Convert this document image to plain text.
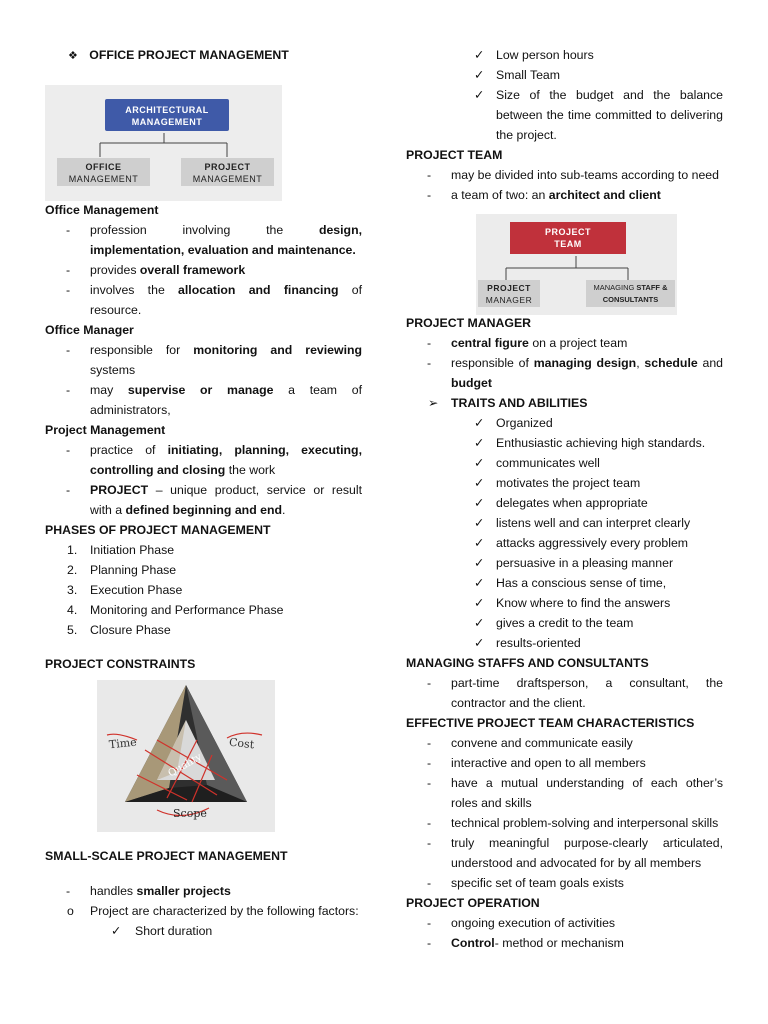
❖ OFFICE PROJECT MANAGEMENT
ARCHITECTURAL
MANAGEMENT
OFFICE
MANAGEMENT
PROJECT
MANAGEMENT
Office Management
- profession involving the design, implementation, evaluation and maintenance.
- provides overall framework
- involves the allocation and financing of resource.
Office Manager
- responsible for monitoring and reviewing systems
- may supervise or manage a team of administrators,
Project Management
- practice of initiating, planning, executing, controlling and closing the work
- PROJECT – unique product, service or result with a defined beginning and end.
PHASES OF PROJECT MANAGEMENT
1. Initiation Phase
2. Planning Phase
3. Execution Phase
4. Monitoring and Performance Phase
5. Closure Phase
PROJECT CONSTRAINTS
Time	Cost
Scope
Quality
SMALL-SCALE PROJECT MANAGEMENT
- handles smaller projects
o Project are characterized by the following factors:
✓ Short duration
✓ Low person hours
✓ Small Team
✓ Size of the budget and the balance between the time committed to delivering the project.
PROJECT TEAM
- may be divided into sub-teams according to need
- a team of two: an architect and client
PROJECT
TEAM
PROJECT
MANAGER
MANAGING STAFF &
CONSULTANTS
PROJECT MANAGER
- central figure on a project team
- responsible of managing design, schedule and budget
➢ TRAITS AND ABILITIES
✓ Organized
✓ Enthusiastic achieving high standards.
✓ communicates well
✓ motivates the project team
✓ delegates when appropriate
✓ listens well and can interpret clearly
✓ attacks aggressively every problem
✓ persuasive in a pleasing manner
✓ Has a conscious sense of time,
✓ Know where to find the answers
✓ gives a credit to the team
✓ results-oriented
MANAGING STAFFS AND CONSULTANTS
- part-time draftsperson, a consultant, the contractor and the client.
EFFECTIVE PROJECT TEAM CHARACTERISTICS
- convene and communicate easily
- interactive and open to all members
- have a mutual understanding of each other’s roles and skills
- technical problem-solving and interpersonal skills
- truly meaningful purpose-clearly articulated, understood and advocated for by all members
- specific set of team goals exists
PROJECT OPERATION
- ongoing execution of activities
- Control- method or mechanism
